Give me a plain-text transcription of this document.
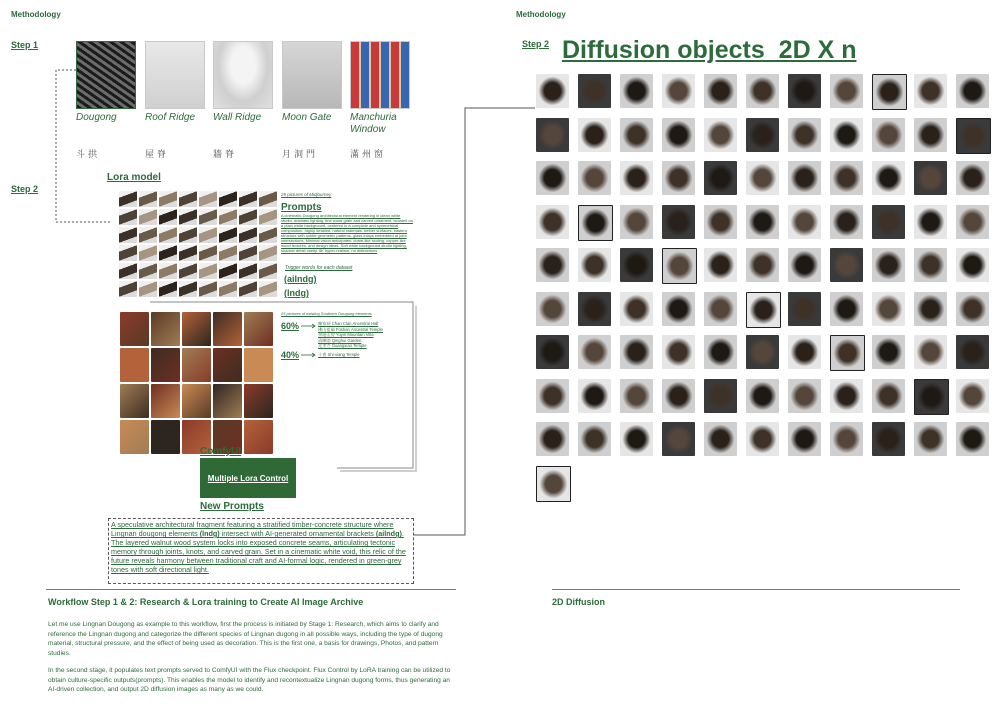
Methodology
Step 1
Step 2
Dougong
斗拱
Roof Ridge
屋脊
Wall Ridge
牆脊
Moon Gate
月洞門
Manchuria Window
滿州窗
Lora model
25 pictures of Midjourney
Prompts
A cinematic Dougong architectural element rendering in clean white studio, dramatic lighting, fine wood grain and carved ornament, isolated on a plain white background, centered in a complete and symmetrical composition, highly detailed, natural materials, timber surfaces, eastern structure with subtle geometric patterns, glass inlays embedded at joint intersections, Minimal vision anticipates: dome-like roofing, copper-like wood textures, and design ideas, Soft white background studio lighting, shadow detail clarity, 8K hyper-realism, no distractions
Trigger words for each dataset
(ailndg)
(lndg)
25 pictures of existing Southern Dougong elements
60%
40%
陳家祠 Chan Clan Ancestral Hall
佛山祖廟 Foshan Ancestral Temple
余蔭山房 Yuyin Mountain Villa
清暉園 Qinghui Garden
光孝寺 Guangxiao Temple
十香 Shi-xiang Temple
ComfyUI
Multiple Lora Control
New Prompts
A speculative architectural fragment featuring a stratified timber-concrete structure where Lingnan dougong elements (lndg) intersect with AI-generated ornamental brackets (ailndg). The layered walnut wood system locks into exposed concrete seams, articulating tectonic memory through joints, knots, and carved grain. Set in a cinematic white void, this relic of the future reveals harmony between traditional craft and AI-formal logic, rendered in green-grey tones with soft directional light.
Workflow Step 1 & 2: Research & Lora training to Create AI Image Archive
Let me use Lingnan Dougong as example to this workflow, first the process is initiated by Stage 1: Research, which aims to clarify and reference the Lingnan dugong and categorize the different species of Lingnan dugong in all possible ways, including the type of dugong material, structural pressure, and the effect of being used as decoration. This is the first one, a basis for drawings, Photos, and pattern studies.
In the second stage, it populates text prompts served to ComfyUI with the Flux checkpoint. Flux Control by LoRA training can be utilized to obtain culture-specific outputs(prompts). This enables the model to identify and recontextualize Lingnan dugong forms, thus generating an AI-driven collection, and output 2D diffusion images as many as we could.
Methodology
Step 2 Diffusion objects_2D X n
2D Diffusion
